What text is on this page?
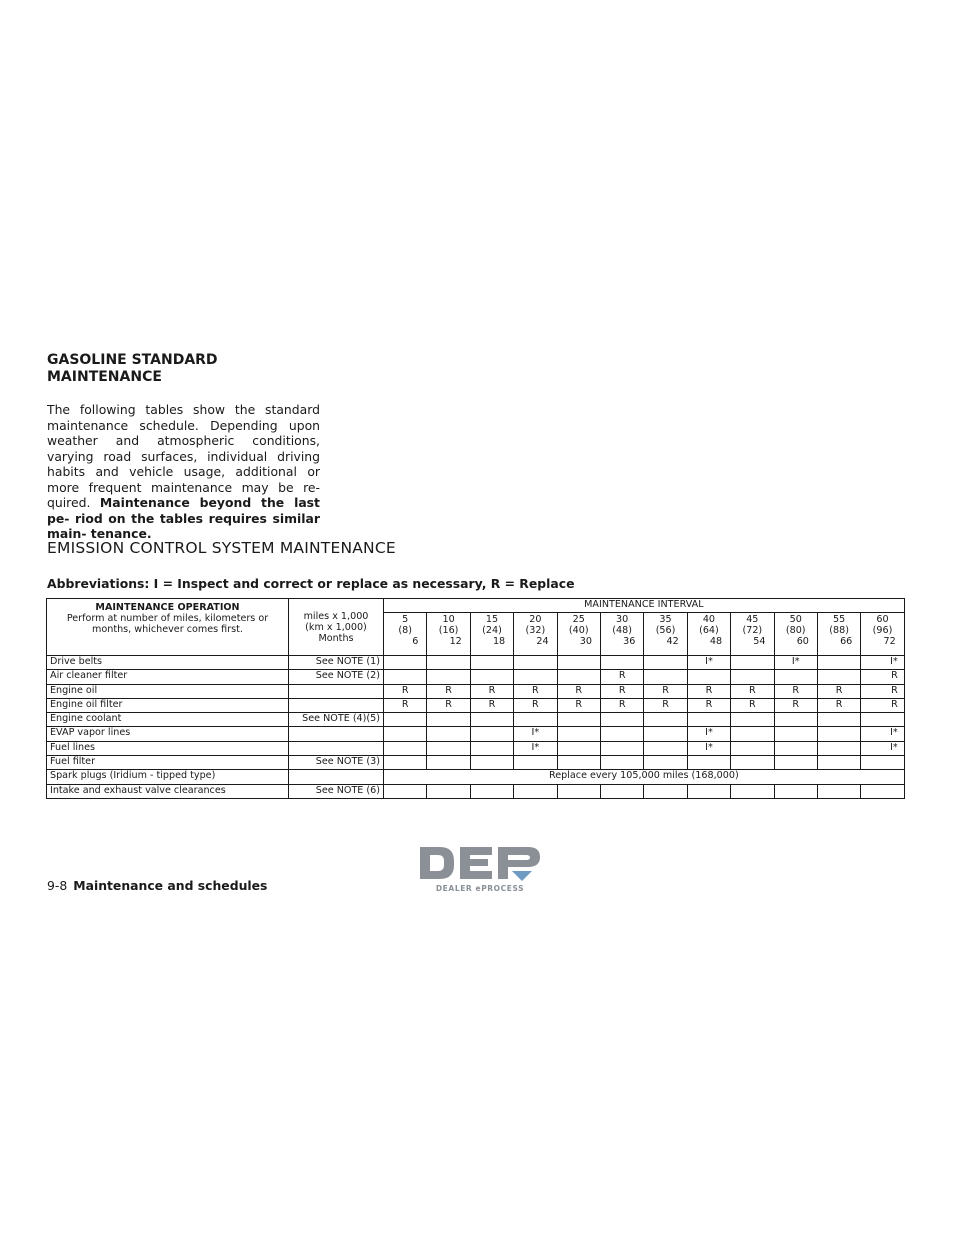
GASOLINE STANDARD
MAINTENANCE

The following tables show the standard maintenance schedule. Depending upon weather and atmospheric conditions, varying road surfaces, individual driving habits and vehicle usage, additional or more frequent maintenance may be re- quired. Maintenance beyond the last pe- riod on the tables requires similar main- tenance.

EMISSION CONTROL SYSTEM MAINTENANCE

Abbreviations: I = Inspect and correct or replace as necessary, R = Replace

MAINTENANCE OPERATION
Perform at number of miles, kilometers or months, whichever comes first.	miles x 1,000
(km x 1,000)
Months	MAINTENANCE INTERVAL											

		5
(8)
6	10
(16)
12	15
(24)
18	20
(32)
24	25
(40)
30	30
(48)
36	35
(56)
42	40
(64)
48	45
(72)
54	50
(80)
60	55
(88)
66	60
(96)
72

Drive belts	See NOTE (1)								I*		I*		I*
Air cleaner filter	See NOTE (2)						R						R
Engine oil		R	R	R	R	R	R	R	R	R	R	R	R
Engine oil filter		R	R	R	R	R	R	R	R	R	R	R	R
Engine coolant	See NOTE (4)(5)												
EVAP vapor lines					I*				I*				I*
Fuel lines					I*				I*				I*
Fuel filter	See NOTE (3)												
Spark plugs (Iridium - tipped type)		Replace every 105,000 miles (168,000)											
Intake and exhaust valve clearances	See NOTE (6)												
9-8 Maintenance and schedules	DEALER ePROCESS
